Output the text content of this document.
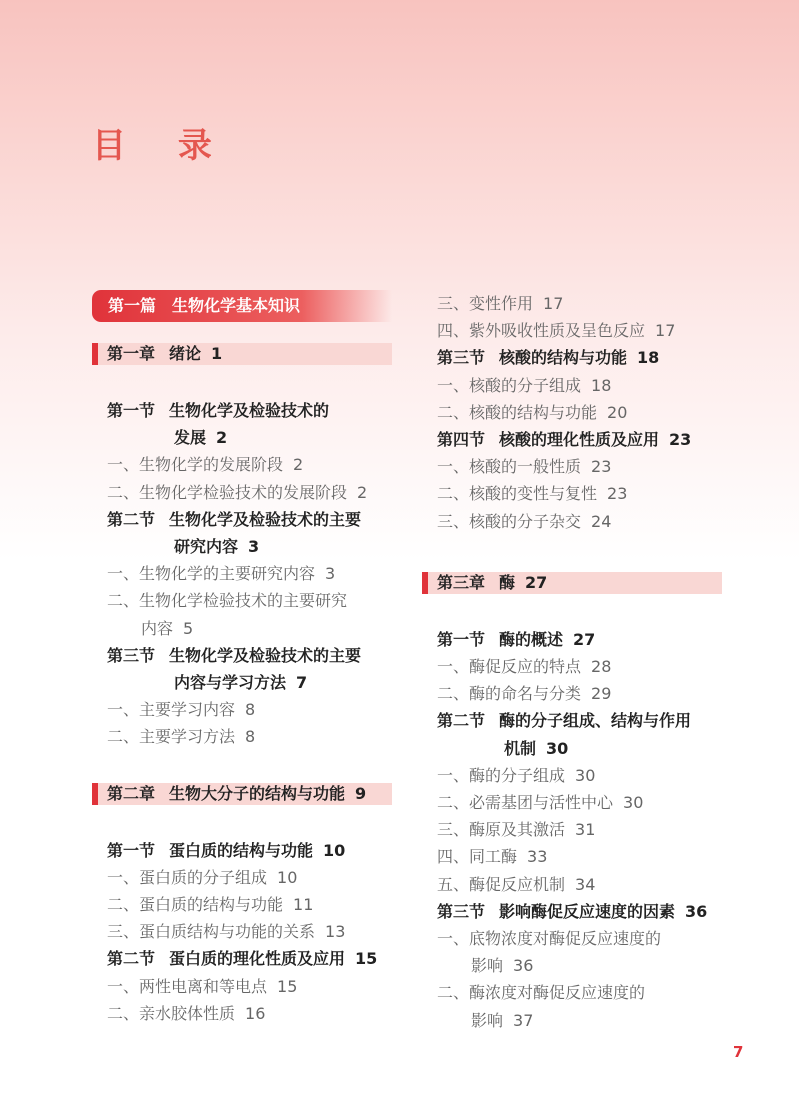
目 录
第一篇　生物化学基本知识
第一章 绪论 1
第一节 生物化学及检验技术的
发展 2
一、生物化学的发展阶段 2
二、生物化学检验技术的发展阶段 2
第二节 生物化学及检验技术的主要
研究内容 3
一、生物化学的主要研究内容 3
二、生物化学检验技术的主要研究
内容 5
第三节 生物化学及检验技术的主要
内容与学习方法 7
一、主要学习内容 8
二、主要学习方法 8
第二章 生物大分子的结构与功能 9
第一节 蛋白质的结构与功能 10
一、蛋白质的分子组成 10
二、蛋白质的结构与功能 11
三、蛋白质结构与功能的关系 13
第二节 蛋白质的理化性质及应用 15
一、两性电离和等电点 15
二、亲水胶体性质 16
三、变性作用 17
四、紫外吸收性质及呈色反应 17
第三节 核酸的结构与功能 18
一、核酸的分子组成 18
二、核酸的结构与功能 20
第四节 核酸的理化性质及应用 23
一、核酸的一般性质 23
二、核酸的变性与复性 23
三、核酸的分子杂交 24
第三章 酶 27
第一节 酶的概述 27
一、酶促反应的特点 28
二、酶的命名与分类 29
第二节 酶的分子组成、结构与作用
机制 30
一、酶的分子组成 30
二、必需基团与活性中心 30
三、酶原及其激活 31
四、同工酶 33
五、酶促反应机制 34
第三节 影响酶促反应速度的因素 36
一、底物浓度对酶促反应速度的
影响 36
二、酶浓度对酶促反应速度的
影响 37
7
